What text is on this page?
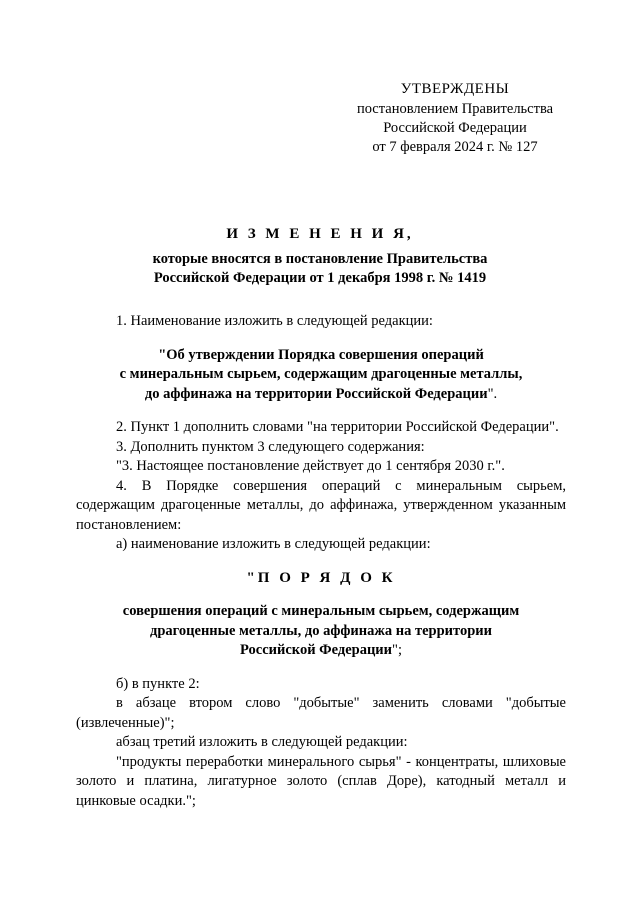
УТВЕРЖДЕНЫ
постановлением Правительства
Российской Федерации
от 7 февраля 2024 г. № 127
И З М Е Н Е Н И Я,
которые вносятся в постановление Правительства
Российской Федерации от 1 декабря 1998 г. № 1419

1. Наименование изложить в следующей редакции:

"Об утверждении Порядка совершения операций
с минеральным сырьем, содержащим драгоценные металлы,
до аффинажа на территории Российской Федерации".

2. Пункт 1 дополнить словами "на территории Российской Федерации".

3. Дополнить пунктом 3 следующего содержания:

"3. Настоящее постановление действует до 1 сентября 2030 г.".

4. В Порядке совершения операций с минеральным сырьем, содержащим драгоценные металлы, до аффинажа, утвержденном указанным постановлением:

а) наименование изложить в следующей редакции:

"П О Р Я Д О К

совершения операций с минеральным сырьем, содержащим
драгоценные металлы, до аффинажа на территории
Российской Федерации";

б) в пункте 2:

в абзаце втором слово "добытые" заменить словами "добытые (извлеченные)";

абзац третий изложить в следующей редакции:

"продукты переработки минерального сырья" - концентраты, шлиховые золото и платина, лигатурное золото (сплав Доре), катодный металл и цинковые осадки.";
